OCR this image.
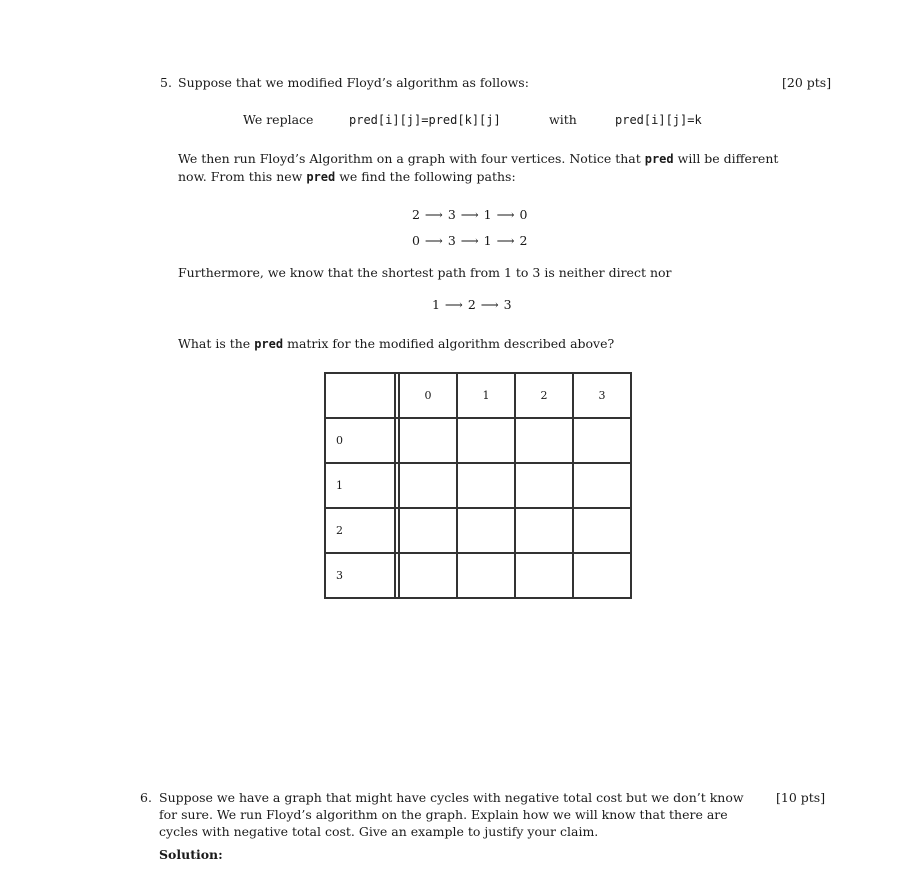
5. Suppose that we modified Floyd’s algorithm as follows:	[20 pts]
We replace	pred[i][j]=pred[k][j]	with	pred[i][j]=k
We then run Floyd’s Algorithm on a graph with four vertices. Notice that pred will be different
now. From this new pred we find the following paths:
2 ⟶ 3 ⟶ 1 ⟶ 0
0 ⟶ 3 ⟶ 1 ⟶ 2
Furthermore, we know that the shortest path from 1 to 3 is neither direct nor
1 ⟶ 2 ⟶ 3
What is the pred matrix for the modified algorithm described above?
		0	1	2	3
0					
1					
2					
3					
6. Suppose we have a graph that might have cycles with negative total cost but we don’t know
for sure. We run Floyd’s algorithm on the graph. Explain how we will know that there are
cycles with negative total cost. Give an example to justify your claim.
[10 pts]
Solution:
